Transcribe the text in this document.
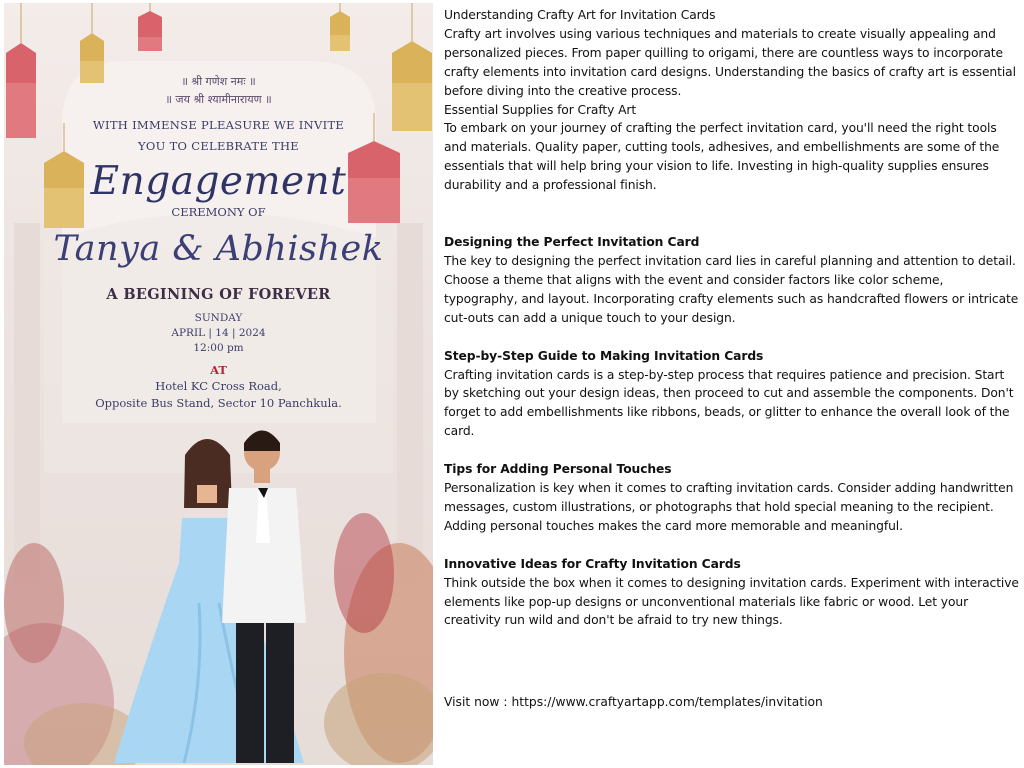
॥ श्री गणेश नमः ॥
॥ जय श्री श्यामीनारायण ॥
WITH IMMENSE PLEASURE WE INVITE
YOU TO CELEBRATE THE
Engagement
CEREMONY OF
Tanya & Abhishek
A BEGINING OF FOREVER
SUNDAY
APRIL | 14 | 2024
12:00 pm
AT
Hotel KC Cross Road,
Opposite Bus Stand, Sector 10 Panchkula.

Understanding Crafty Art for Invitation Cards

Crafty art involves using various techniques and materials to create visually appealing and personalized pieces. From paper quilling to origami, there are countless ways to incorporate crafty elements into invitation card designs. Understanding the basics of crafty art is essential before diving into the creative process.

Essential Supplies for Crafty Art

To embark on your journey of crafting the perfect invitation card, you'll need the right tools and materials. Quality paper, cutting tools, adhesives, and embellishments are some of the essentials that will help bring your vision to life. Investing in high-quality supplies ensures durability and a professional finish.

Designing the Perfect Invitation Card

The key to designing the perfect invitation card lies in careful planning and attention to detail. Choose a theme that aligns with the event and consider factors like color scheme, typography, and layout. Incorporating crafty elements such as handcrafted flowers or intricate cut-outs can add a unique touch to your design.

Step-by-Step Guide to Making Invitation Cards

Crafting invitation cards is a step-by-step process that requires patience and precision. Start by sketching out your design ideas, then proceed to cut and assemble the components. Don't forget to add embellishments like ribbons, beads, or glitter to enhance the overall look of the card.

Tips for Adding Personal Touches

Personalization is key when it comes to crafting invitation cards. Consider adding handwritten messages, custom illustrations, or photographs that hold special meaning to the recipient. Adding personal touches makes the card more memorable and meaningful.

Innovative Ideas for Crafty Invitation Cards

Think outside the box when it comes to designing invitation cards. Experiment with interactive elements like pop-up designs or unconventional materials like fabric or wood. Let your creativity run wild and don't be afraid to try new things.

Visit now : https://www.craftyartapp.com/templates/invitation
